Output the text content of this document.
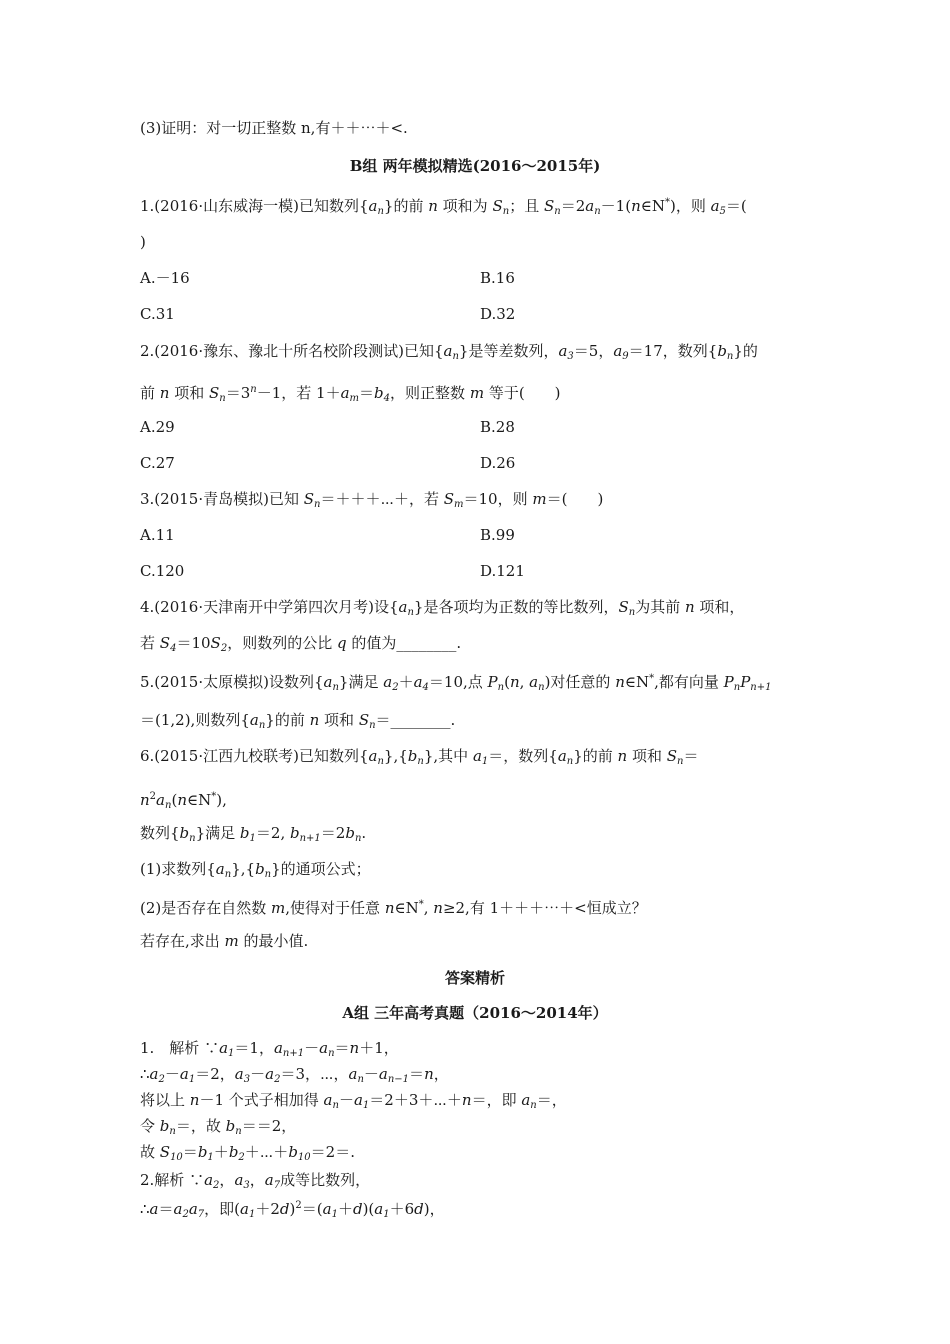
(3)证明：对一切正整数 n,有＋＋⋯＋<.
B组 两年模拟精选(2016～2015年)
1.(2016·山东威海一模)已知数列$\{a_n\}$的前 n 项和为 $S_n$；且 $S_n=2a_n-1(n\in N^*)$，则 $a_5=$(
)
A.－16	B.16
C.31	D.32
2.(2016·豫东、豫北十所名校阶段测试)已知$\{a_n\}$是等差数列，$a_3=5$，$a_9=17$，数列$\{b_n\}$的
前 n 项和 $S_n=3^n-1$，若 $1+a_m=b_4$，则正整数 m 等于(　　)
A.29	B.28
C.27	D.26
3.(2015·青岛模拟)已知 $S_n=+++\cdots+$，若 $S_m=10$，则 m＝(　　)
A.11	B.99
C.120	D.121
4.(2016·天津南开中学第四次月考)设$\{a_n\}$是各项均为正数的等比数列，$S_n$为其前 n 项和，
若 $S_4=10S_2$，则数列的公比 q 的值为________.
5.(2015·太原模拟)设数列$\{a_n\}$满足 $a_2+a_4=10$,点 $P_n(n$, $a_n$)对任意的 n∈N*,都有向量 $P_nP_{n+1}$
＝(1,2),则数列$\{a_n\}$的前 n 项和 $S_n=\_\_\_\_\_\_\_\_$.
6.(2015·江西九校联考)已知数列$\{a_n\},\{b_n\}$,其中 $a_1=$，数列$\{a_n\}$的前 n 项和 $S_n=$
$n^2a_n(n\in N^*)$,
数列$\{b_n\}$满足 $b_1=2$, $b_{n+1}=2b_n$.
(1)求数列$\{a_n\},\{b_n\}$的通项公式；
(2)是否存在自然数 m,使得对于任意 n∈N*, n≥2,有 1＋＋＋⋯＋<恒成立？
若存在,求出 m 的最小值.
答案精析
A组 三年高考真题（2016～2014年）
1.　解析 $\because a_1=1$，$a_{n+1}-a_n=n+1$，
$\therefore a_2-a_1=2$，$a_3-a_2=3$，⋯，$a_n-a_{n-1}=n$，
将以上 n－1 个式子相加得 $a_n-a_1=2+3+\cdots+n=$，即 $a_n=$，
令 $b_n=$，故 $b_n==2$，
故 $S_{10}=b_1+b_2+\cdots+b_{10}=2=$.
2.解析 $\because a_2$，$a_3$，$a_7$成等比数列，
$\therefore a=a_2a_7$，即$(a_1+2d)^2=(a_1+d)(a_1+6d)$，
